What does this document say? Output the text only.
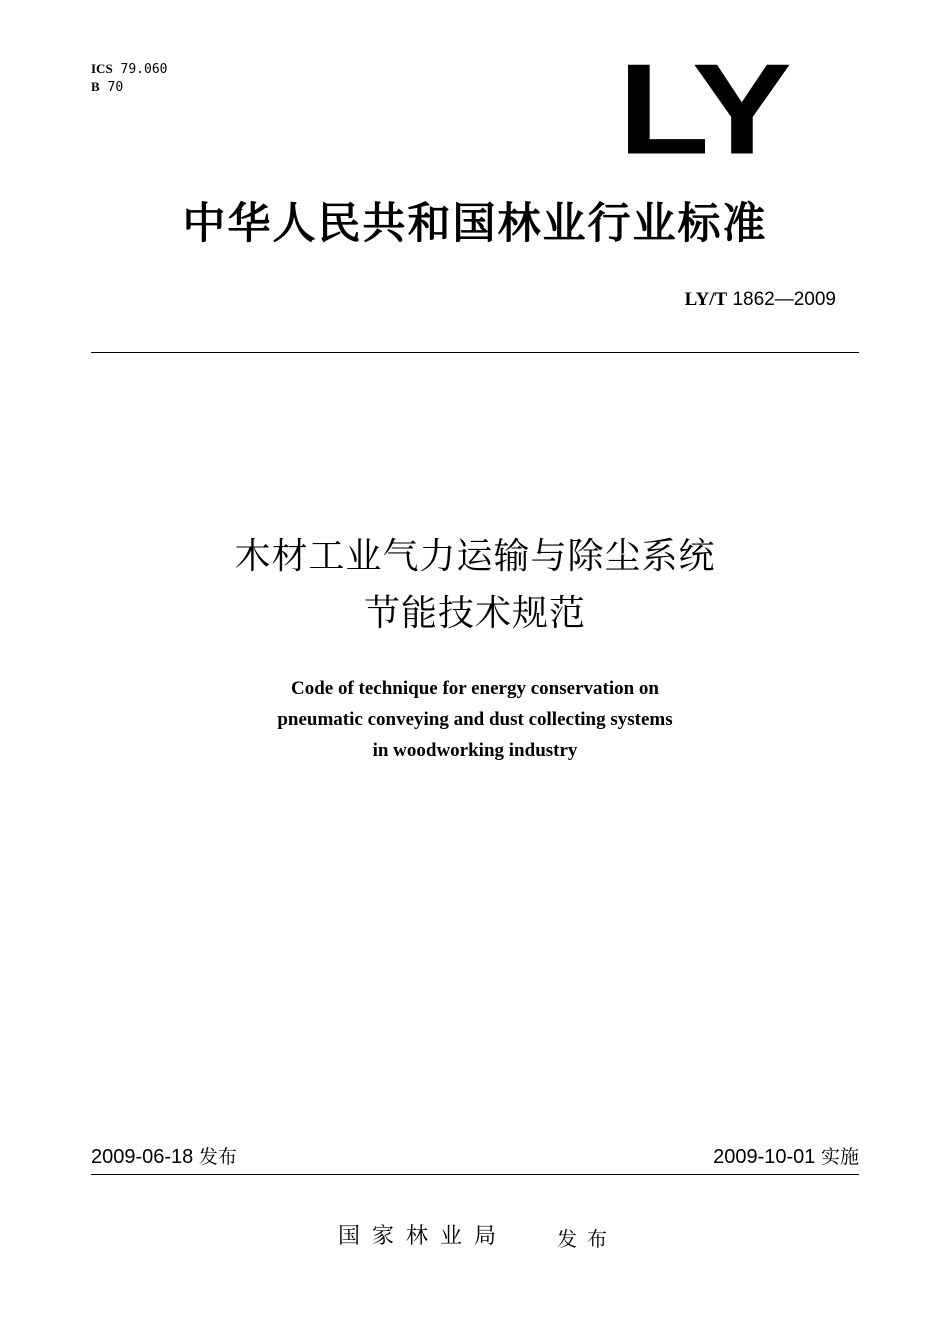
ICS 79.060
B 70	LY
中华人民共和国林业行业标准
LY/T 1862—2009
木材工业气力运输与除尘系统
节能技术规范
Code of technique for energy conservation on
pneumatic conveying and dust collecting systems
in woodworking industry
2009-06-18 发布	2009-10-01 实施
国家林业局 发布
